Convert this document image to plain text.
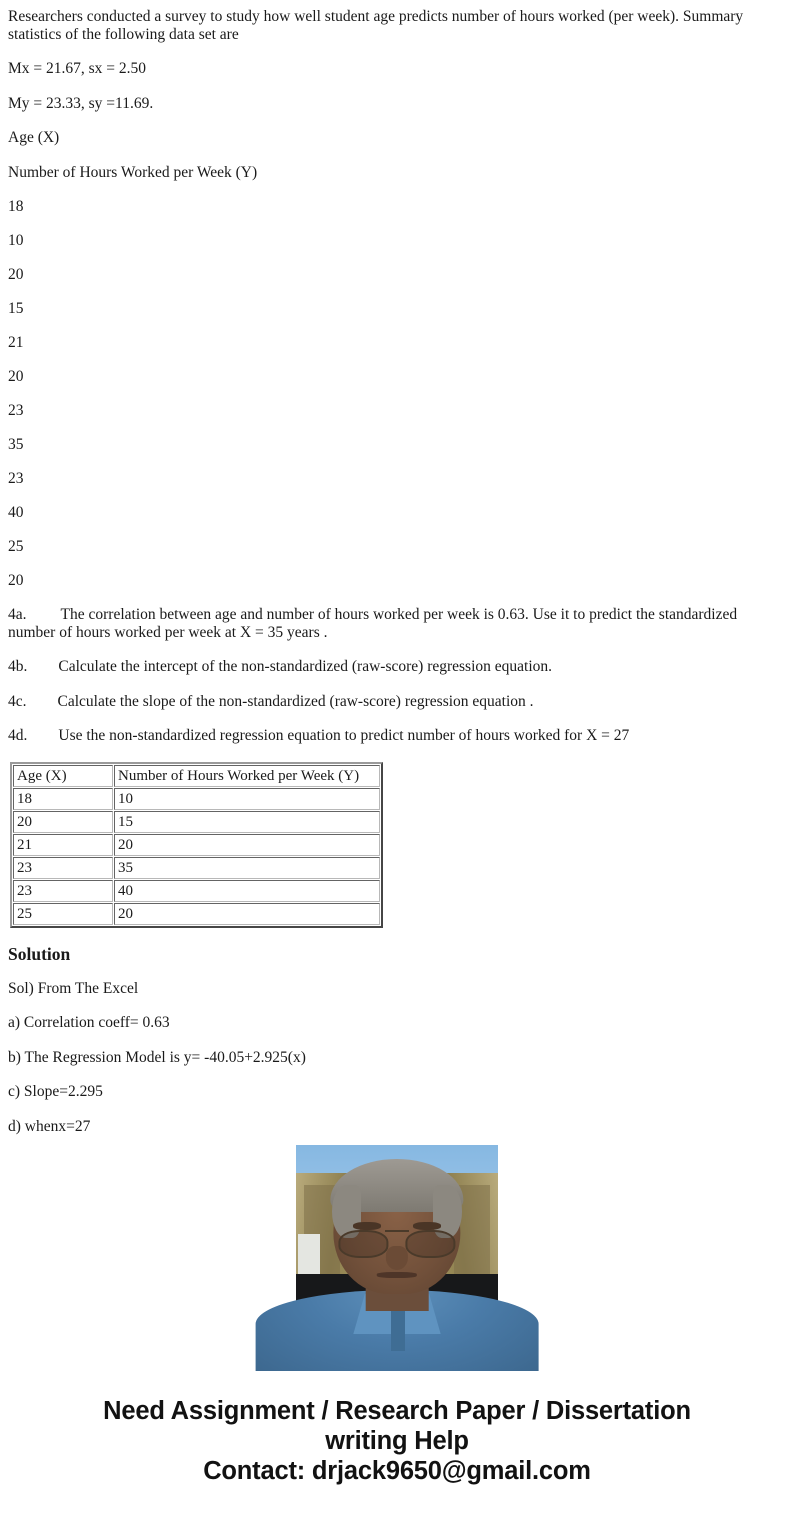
Researchers conducted a survey to study how well student age predicts number of hours worked (per week). Summary statistics of the following data set are

Mx = 21.67, sx = 2.50

My = 23.33, sy =11.69.

Age (X)

Number of Hours Worked per Week (Y)

18

10

20

15

21

20

23

35

23

40

25

20

4a. The correlation between age and number of hours worked per week is 0.63. Use it to predict the standardized number of hours worked per week at X = 35 years .

4b. Calculate the intercept of the non-standardized (raw-score) regression equation.

4c. Calculate the slope of the non-standardized (raw-score) regression equation .

4d. Use the non-standardized regression equation to predict number of hours worked for X = 27

Age (X)	Number of Hours Worked per Week (Y)
18	10
20	15
21	20
23	35
23	40
25	20
Solution

Sol) From The Excel

a) Correlation coeff= 0.63

b) The Regression Model is y= -40.05+2.925(x)

c) Slope=2.295

d) whenx=27

Need Assignment / Research Paper / Dissertation
writing Help
Contact: drjack9650@gmail.com
